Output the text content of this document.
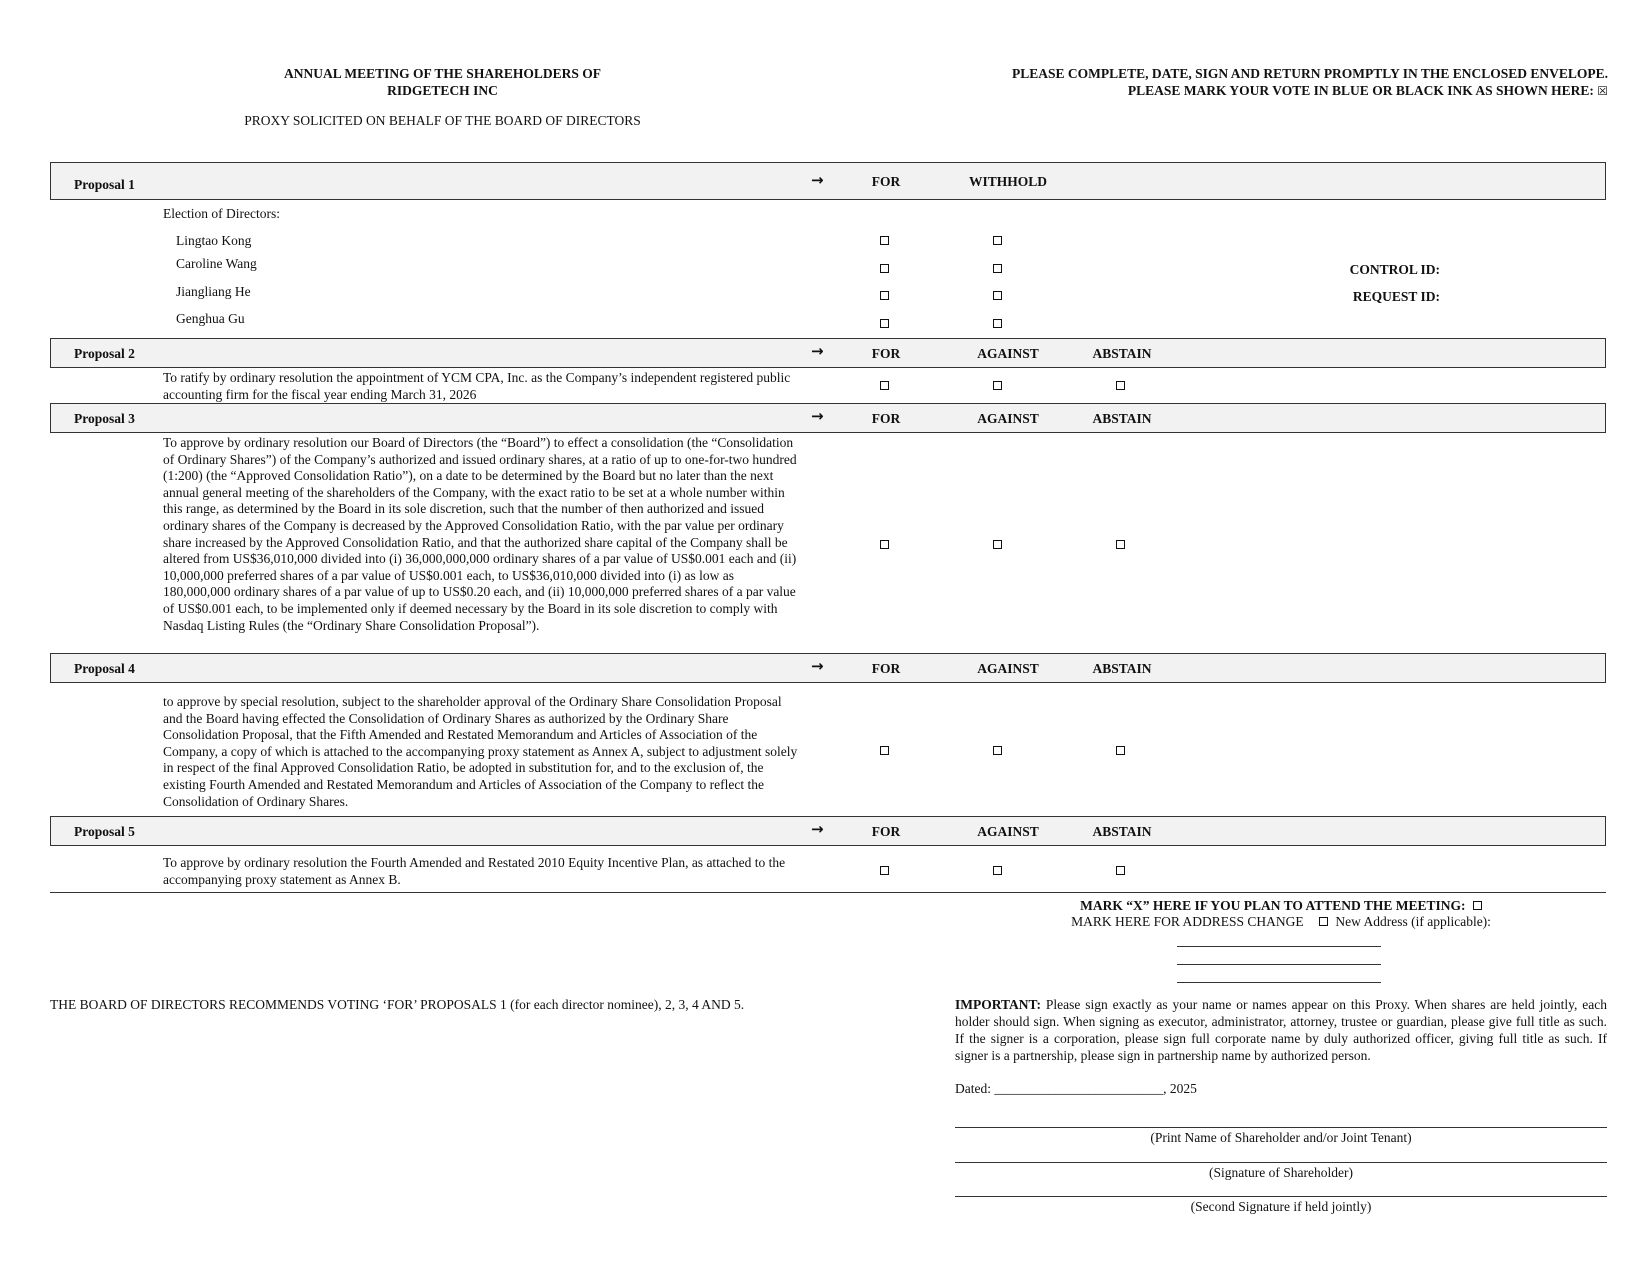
ANNUAL MEETING OF THE SHAREHOLDERS OF
RIDGETECH INC
PROXY SOLICITED ON BEHALF OF THE BOARD OF DIRECTORS
PLEASE COMPLETE, DATE, SIGN AND RETURN PROMPTLY IN THE ENCLOSED ENVELOPE.
PLEASE MARK YOUR VOTE IN BLUE OR BLACK INK AS SHOWN HERE: ☒
Proposal 1	→	FOR	WITHHOLD
Election of Directors:
Lingtao Kong
Caroline Wang
Jiangliang He
Genghua Gu
CONTROL ID:
REQUEST ID:
Proposal 2	→	FOR	AGAINST	ABSTAIN
To ratify by ordinary resolution the appointment of YCM CPA, Inc. as the Company’s independent registered public accounting firm for the fiscal year ending March 31, 2026
Proposal 3	→	FOR	AGAINST	ABSTAIN
To approve by ordinary resolution our Board of Directors (the “Board”) to effect a consolidation (the “Consolidation of Ordinary Shares”) of the Company’s authorized and issued ordinary shares, at a ratio of up to one-for-two hundred (1:200) (the “Approved Consolidation Ratio”), on a date to be determined by the Board but no later than the next annual general meeting of the shareholders of the Company, with the exact ratio to be set at a whole number within this range, as determined by the Board in its sole discretion, such that the number of then authorized and issued ordinary shares of the Company is decreased by the Approved Consolidation Ratio, with the par value per ordinary share increased by the Approved Consolidation Ratio, and that the authorized share capital of the Company shall be altered from US$36,010,000 divided into (i) 36,000,000,000 ordinary shares of a par value of US$0.001 each and (ii) 10,000,000 preferred shares of a par value of US$0.001 each, to US$36,010,000 divided into (i) as low as 180,000,000 ordinary shares of a par value of up to US$0.20 each, and (ii) 10,000,000 preferred shares of a par value of US$0.001 each, to be implemented only if deemed necessary by the Board in its sole discretion to comply with Nasdaq Listing Rules (the “Ordinary Share Consolidation Proposal”).
Proposal 4	→	FOR	AGAINST	ABSTAIN
to approve by special resolution, subject to the shareholder approval of the Ordinary Share Consolidation Proposal and the Board having effected the Consolidation of Ordinary Shares as authorized by the Ordinary Share Consolidation Proposal, that the Fifth Amended and Restated Memorandum and Articles of Association of the Company, a copy of which is attached to the accompanying proxy statement as Annex A, subject to adjustment solely in respect of the final Approved Consolidation Ratio, be adopted in substitution for, and to the exclusion of, the existing Fourth Amended and Restated Memorandum and Articles of Association of the Company to reflect the Consolidation of Ordinary Shares.
Proposal 5	→	FOR	AGAINST	ABSTAIN
To approve by ordinary resolution the Fourth Amended and Restated 2010 Equity Incentive Plan, as attached to the accompanying proxy statement as Annex B.
MARK “X” HERE IF YOU PLAN TO ATTEND THE MEETING:
MARK HERE FOR ADDRESS CHANGE New Address (if applicable):
THE BOARD OF DIRECTORS RECOMMENDS VOTING ‘FOR’ PROPOSALS 1 (for each director nominee), 2, 3, 4 AND 5.	IMPORTANT: Please sign exactly as your name or names appear on this Proxy. When shares are held jointly, each holder should sign. When signing as executor, administrator, attorney, trustee or guardian, please give full title as such. If the signer is a corporation, please sign full corporate name by duly authorized officer, giving full title as such. If signer is a partnership, please sign in partnership name by authorized person.
Dated: _________________________, 2025
(Print Name of Shareholder and/or Joint Tenant)
(Signature of Shareholder)
(Second Signature if held jointly)
